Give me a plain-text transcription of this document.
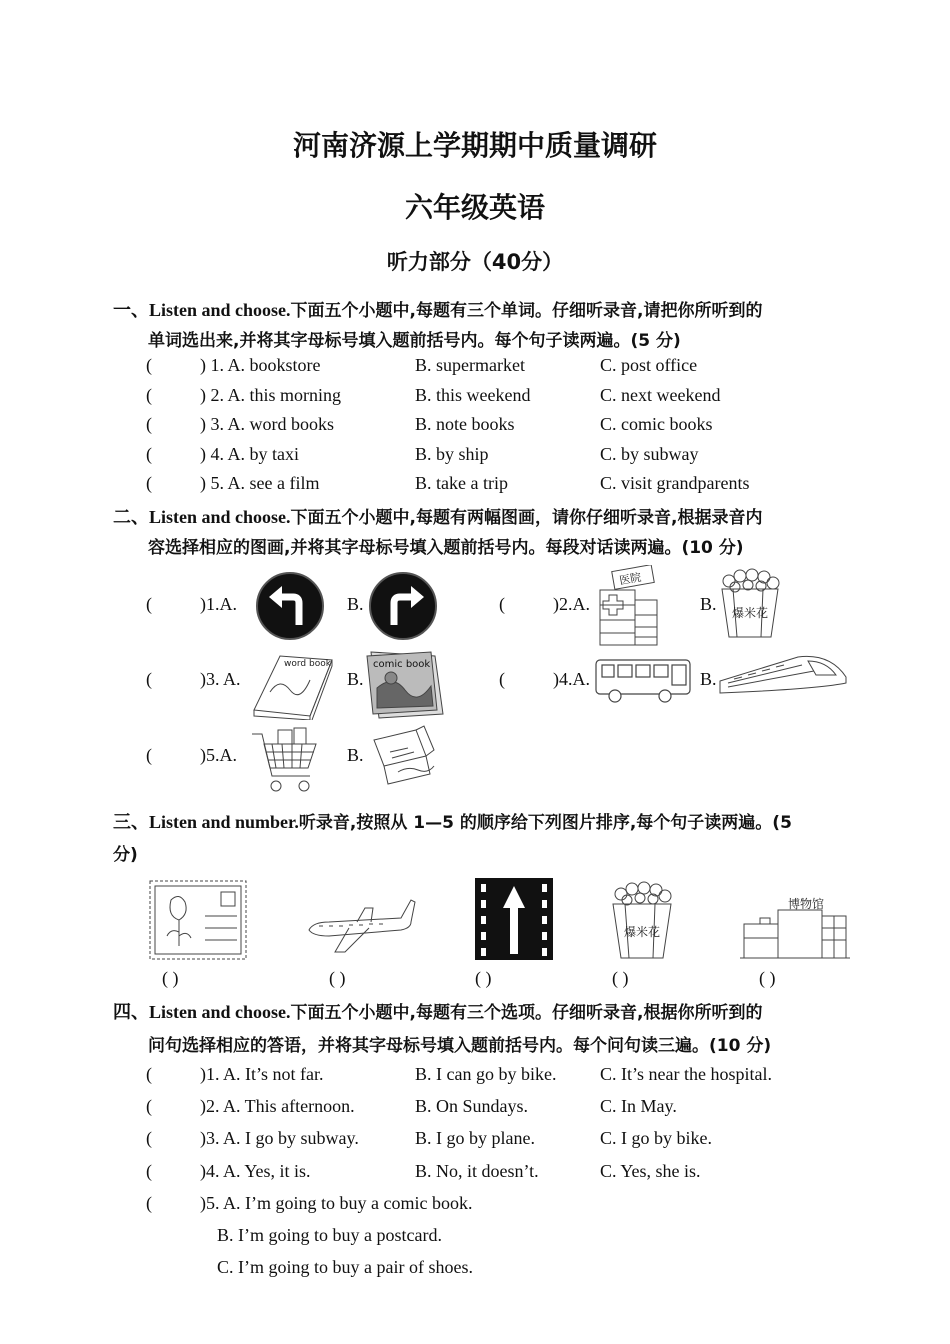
河南济源上学期期中质量调研
六年级英语
听力部分（40分）
一、Listen and choose.下面五个小题中,每题有三个单词。仔细听录音,请把你所听到的
单词选出来,并将其字母标号填入题前括号内。每个句子读两遍。(5 分)
(	) 1. A. bookstore	B. supermarket	C. post office
(	) 2. A. this morning	B. this weekend	C. next weekend
(	) 3. A. word books	B. note books	C. comic books
(	) 4. A. by taxi	B. by ship	C. by subway
(	) 5. A. see a film	B. take a trip	C. visit grandparents
二、Listen and choose.下面五个小题中,每题有两幅图画，请你仔细听录音,根据录音内
容选择相应的图画,并将其字母标号填入题前括号内。每段对话读两遍。(10 分)
(	)1.A.	B.	(	)2.A.
医院
B. 爆米花
(	)3. A.
word book
B.
comic book
(	)4.A.	B.
(	)5.A.	B.
三、Listen and number.听录音,按照从 1—5 的顺序给下列图片排序,每个句子读两遍。(5
分)
爆米花
博物馆
( )	( )	( )	( )	( )
四、Listen and choose.下面五个小题中,每题有三个选项。仔细听录音,根据你所听到的
问句选择相应的答语，并将其字母标号填入题前括号内。每个问句读三遍。(10 分)
(	)1. A. It’s not far.	B. I can go by bike. C. It’s near the hospital.
(	)2. A. This afternoon.	B. On Sundays.	C. In May.
(	)3. A. I go by subway.	B. I go by plane.	C. I go by bike.
(	)4. A. Yes, it is.	B. No, it doesn’t.	C. Yes, she is.
(	)5. A. I’m going to buy a comic book.
B. I’m going to buy a postcard.
C. I’m going to buy a pair of shoes.
